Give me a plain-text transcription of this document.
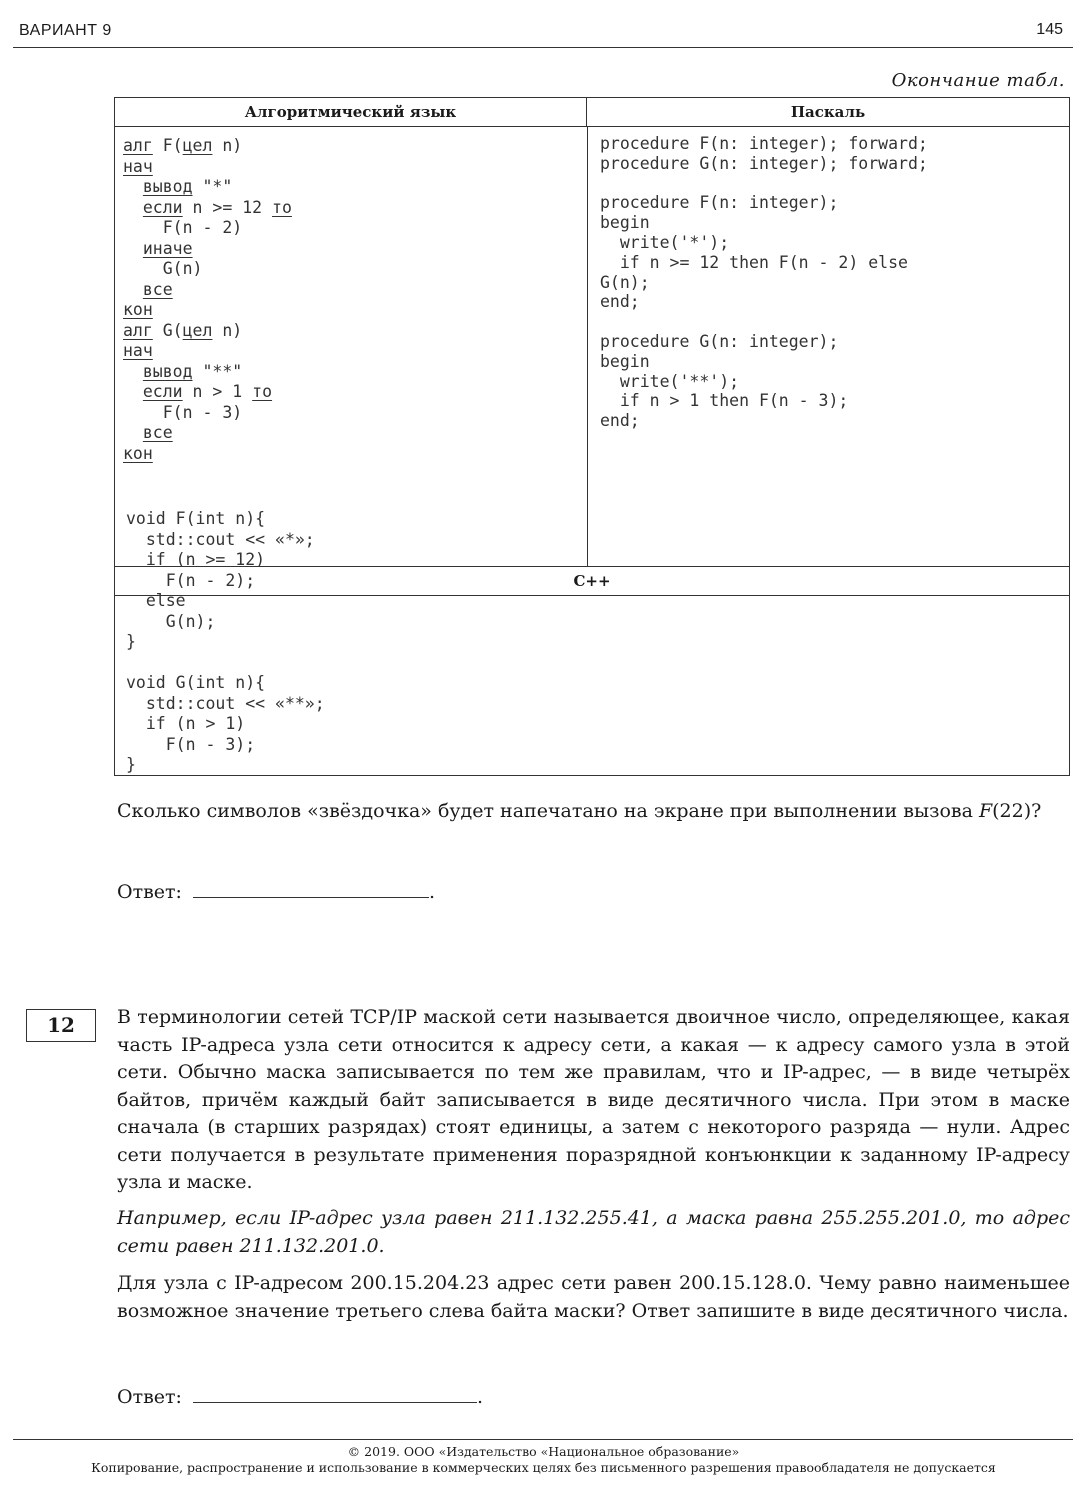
ВАРИАНТ 9	145
Окончание табл.
Алгоритмический язык	Паскаль
алг F(цел n)
нач
вывод "*"
если n >= 12 то
F(n - 2)
иначе
G(n)
все
кон
алг G(цел n)
нач
вывод "**"
если n > 1 то
F(n - 3)
все
кон
procedure F(n: integer); forward;
procedure G(n: integer); forward;
procedure F(n: integer);
begin
write('*');
if n >= 12 then F(n - 2) else
G(n);
end;
procedure G(n: integer);
begin
write('**');
if n > 1 then F(n - 3);
end;
C++
void F(int n){
std::cout << «*»;
if (n >= 12)
F(n - 2);
else
G(n);
}
void G(int n){
std::cout << «**»;
if (n > 1)
F(n - 3);
}
Сколько символов «звёздочка» будет напечатано на экране при выполнении вызова F(22)?
Ответ:	.
12	В терминологии сетей TCP/IP маской сети называется двоичное число, определяющее, какая часть IP-адреса узла сети относится к адресу сети, а какая — к адресу самого узла в этой сети. Обычно маска записывается по тем же правилам, что и IP-адрес, — в виде четырёх байтов, причём каждый байт записывается в виде десятичного числа. При этом в маске сначала (в старших разрядах) стоят единицы, а затем с некоторого разряда — нули. Адрес сети получается в результате применения поразрядной конъюнкции к заданному IP-адресу узла и маске.
Например, если IP-адрес узла равен 211.132.255.41, а маска равна 255.255.201.0, то адрес сети равен 211.132.201.0.
Для узла с IP-адресом 200.15.204.23 адрес сети равен 200.15.128.0. Чему равно наименьшее возможное значение третьего слева байта маски? Ответ запишите в виде десятичного числа.
Ответ:	.
© 2019. ООО «Издательство «Национальное образование»
Копирование, распространение и использование в коммерческих целях без письменного разрешения правообладателя не допускается
